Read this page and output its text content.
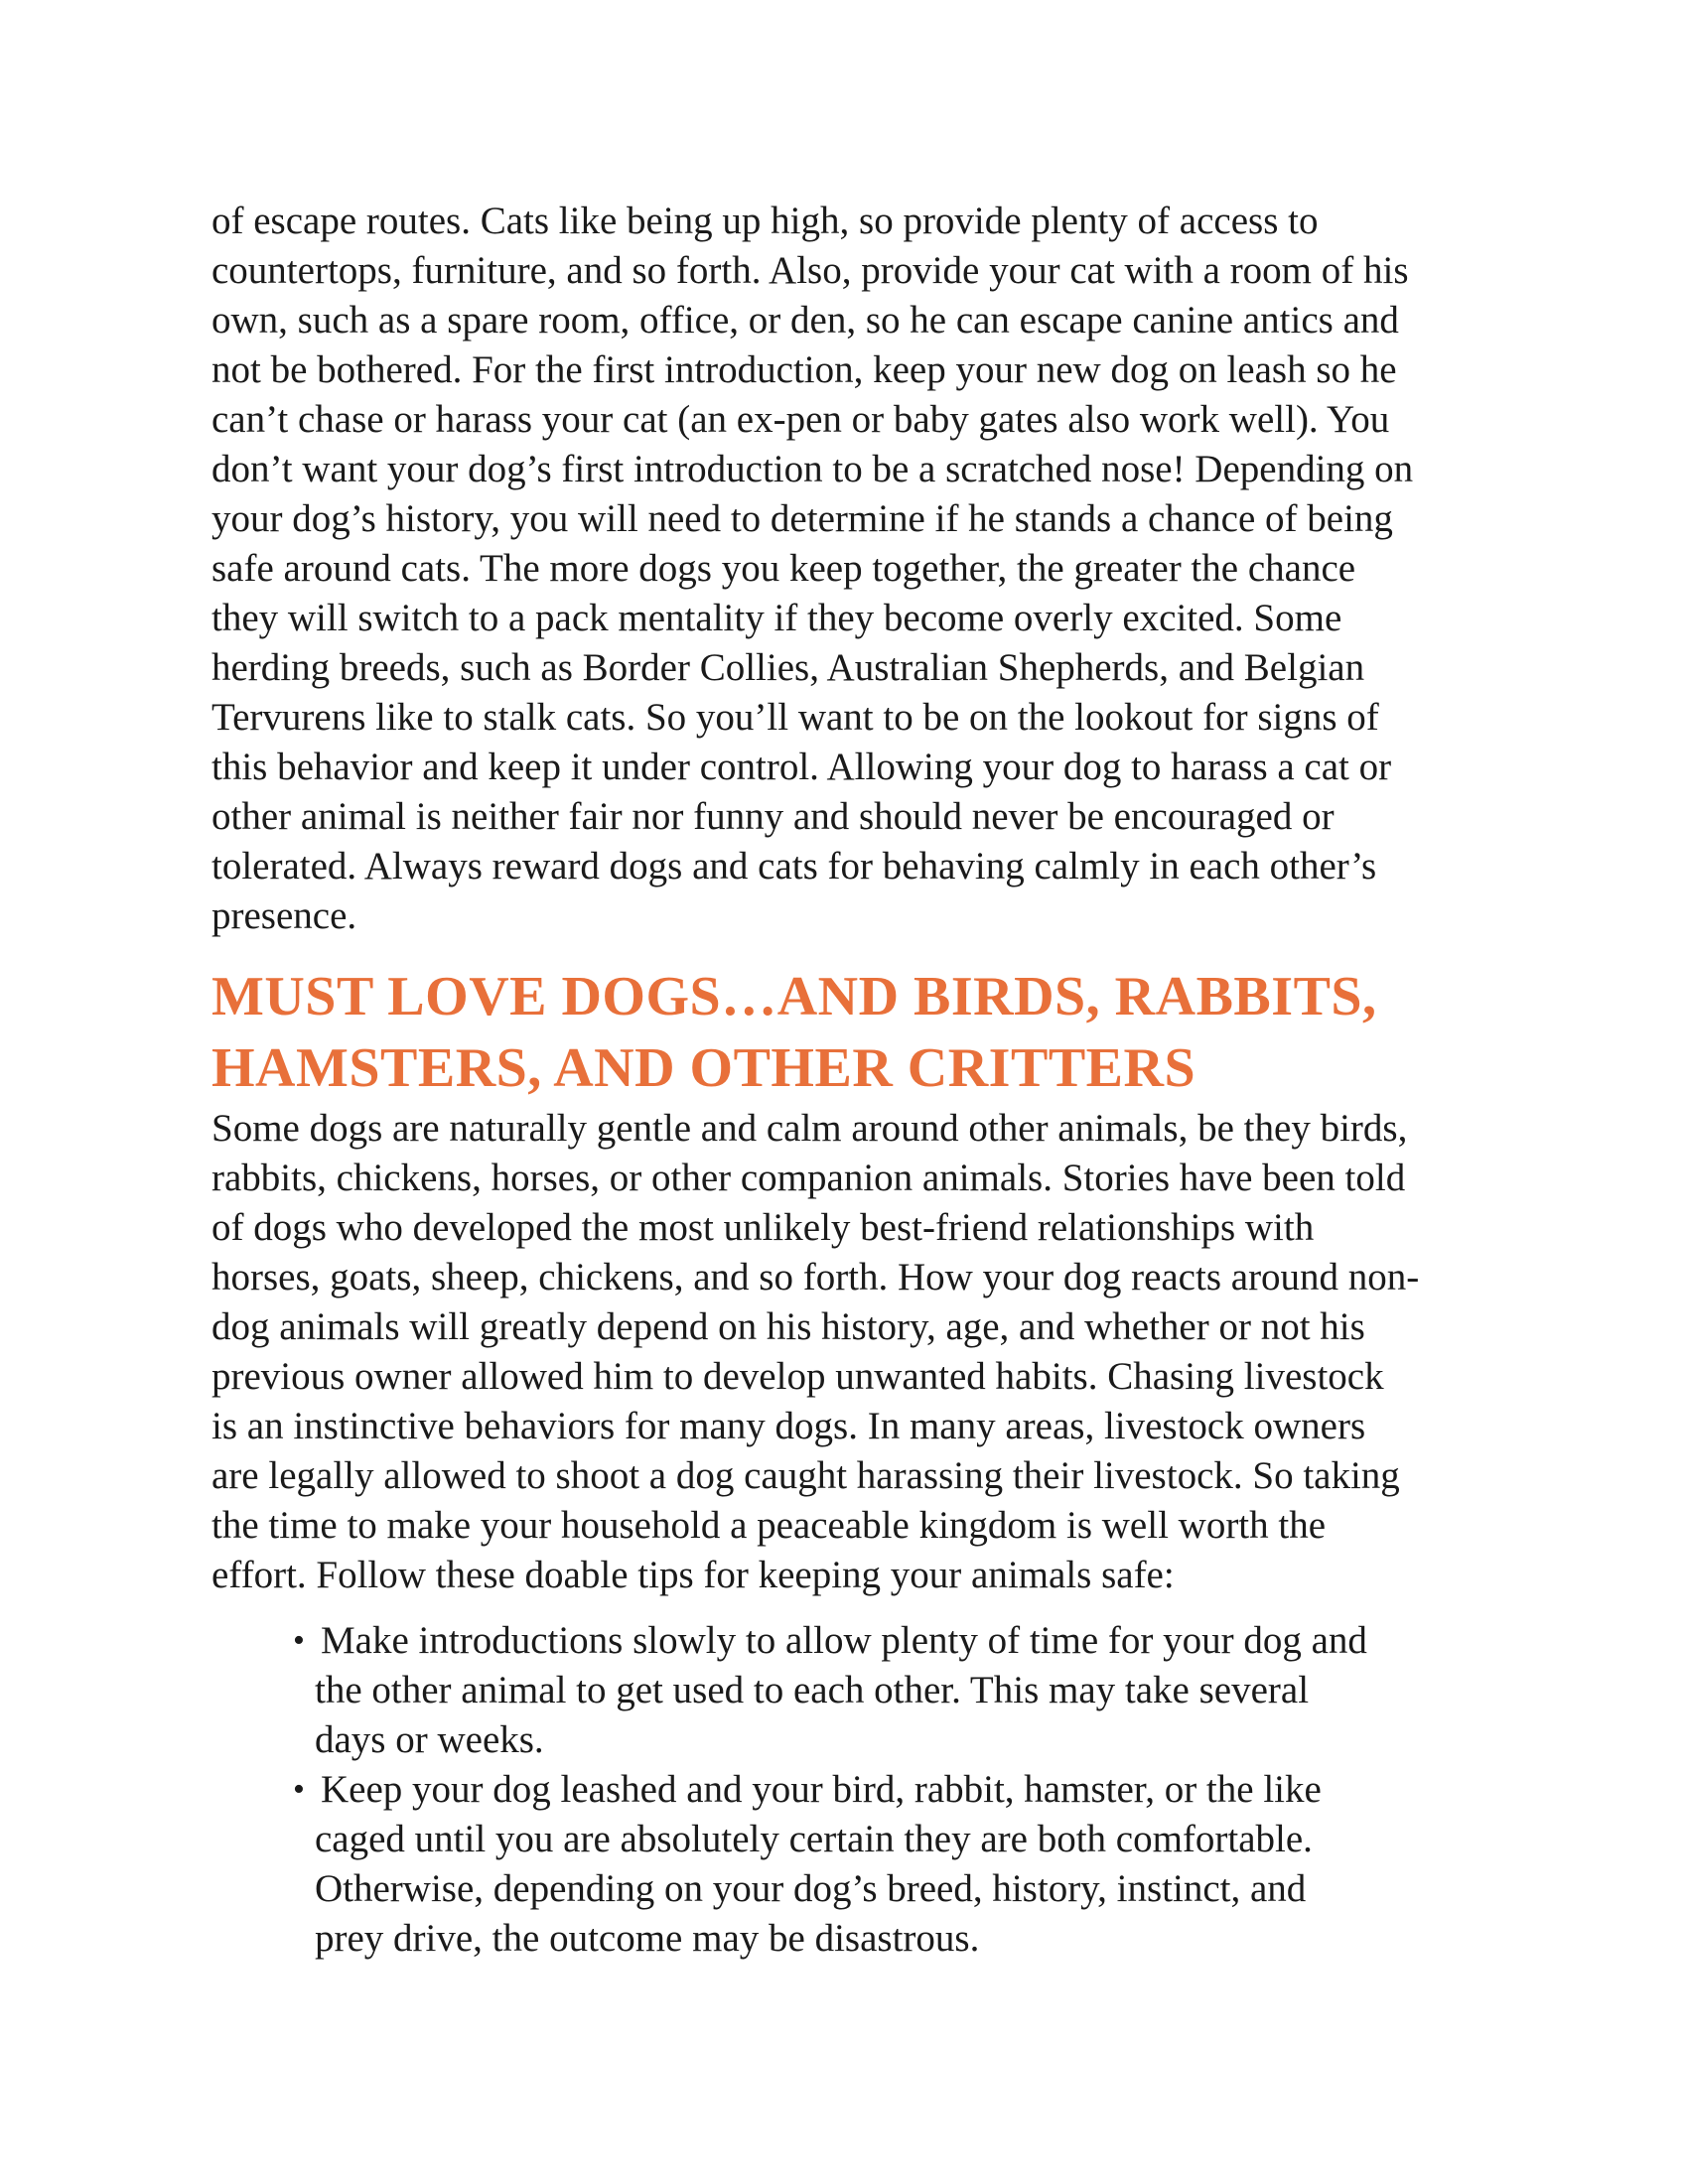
of escape routes. Cats like being up high, so provide plenty of access to
countertops, furniture, and so forth. Also, provide your cat with a room of his
own, such as a spare room, office, or den, so he can escape canine antics and
not be bothered. For the first introduction, keep your new dog on leash so he
can’t chase or harass your cat (an ex-pen or baby gates also work well). You
don’t want your dog’s first introduction to be a scratched nose! Depending on
your dog’s history, you will need to determine if he stands a chance of being
safe around cats. The more dogs you keep together, the greater the chance
they will switch to a pack mentality if they become overly excited. Some
herding breeds, such as Border Collies, Australian Shepherds, and Belgian
Tervurens like to stalk cats. So you’ll want to be on the lookout for signs of
this behavior and keep it under control. Allowing your dog to harass a cat or
other animal is neither fair nor funny and should never be encouraged or
tolerated. Always reward dogs and cats for behaving calmly in each other’s
presence.

MUST LOVE DOGS…AND BIRDS, RABBITS,
HAMSTERS, AND OTHER CRITTERS

Some dogs are naturally gentle and calm around other animals, be they birds,
rabbits, chickens, horses, or other companion animals. Stories have been told
of dogs who developed the most unlikely best-friend relationships with
horses, goats, sheep, chickens, and so forth. How your dog reacts around non-
dog animals will greatly depend on his history, age, and whether or not his
previous owner allowed him to develop unwanted habits. Chasing livestock
is an instinctive behaviors for many dogs. In many areas, livestock owners
are legally allowed to shoot a dog caught harassing their livestock. So taking
the time to make your household a peaceable kingdom is well worth the
effort. Follow these doable tips for keeping your animals safe:

• Make introductions slowly to allow plenty of time for your dog and
the other animal to get used to each other. This may take several
days or weeks.
• Keep your dog leashed and your bird, rabbit, hamster, or the like
caged until you are absolutely certain they are both comfortable.
Otherwise, depending on your dog’s breed, history, instinct, and
prey drive, the outcome may be disastrous.
